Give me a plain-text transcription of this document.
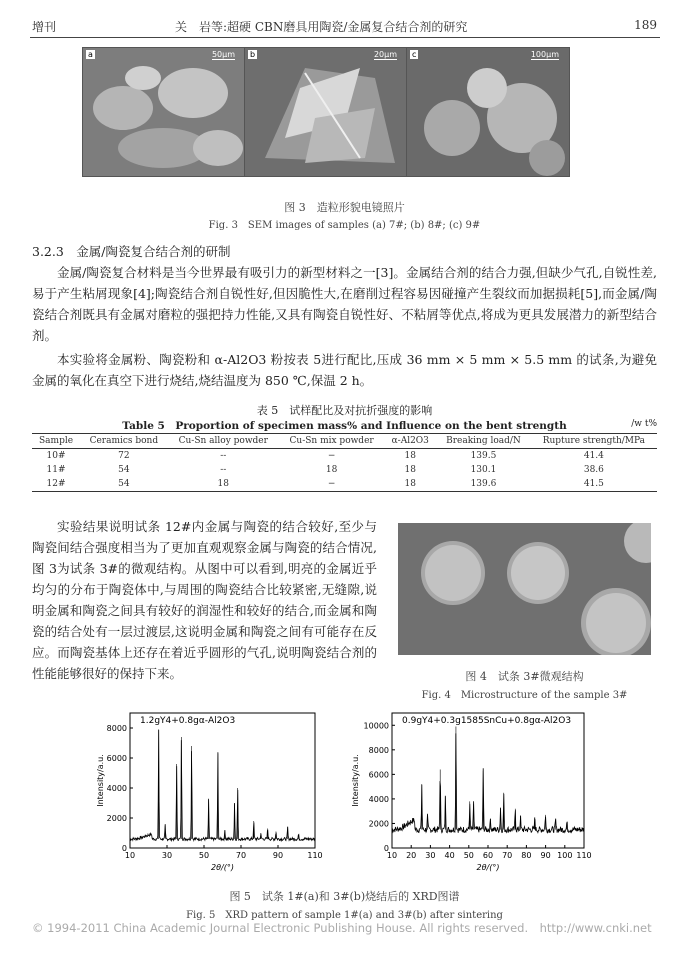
增刊	关　岩等:超硬 CBN磨具用陶瓷/金属复合结合剂的研究	189
a	50μm b	20μm c	100μm
图 3　造粒形貌电镜照片
Fig. 3　SEM images of samples (a) 7#; (b) 8#; (c) 9#
3.2.3　金属/陶瓷复合结合剂的研制
金属/陶瓷复合材料是当今世界最有吸引力的新型材料之一[3]。金属结合剂的结合力强,但缺少气孔,自锐性差,易于产生粘屑现象[4];陶瓷结合剂自锐性好,但因脆性大,在磨削过程容易因碰撞产生裂纹而加据损耗[5],而金属/陶瓷结合剂既具有金属对磨粒的强把持力性能,又具有陶瓷自锐性好、不粘屑等优点,将成为更具发展潜力的新型结合剂。
本实验将金属粉、陶瓷粉和 α-Al2O3 粉按表 5进行配比,压成 36 mm × 5 mm × 5.5 mm 的试条,为避免金属的氧化在真空下进行烧结,烧结温度为 850 ℃,保温 2 h。
表 5　试样配比及对抗折强度的影响
Table 5　Proportion of specimen mass% and Influence on the bent strength	/w t%
Sample	Ceramics bond	Cu-Sn alloy powder	Cu-Sn mix powder	α-Al2O3	Breaking load/N	Rupture strength/MPa
10#	72	--	−	18	139.5	41.4
11#	54	--	18	18	130.1	38.6
12#	54	18	−	18	139.6	41.5
实验结果说明试条 12#内金属与陶瓷的结合较好,至少与陶瓷间结合强度相当为了更加直观观察金属与陶瓷的结合情况,图 3为试条 3#的微观结构。从图中可以看到,明亮的金属近乎均匀的分布于陶瓷体中,与周围的陶瓷结合比较紧密,无缝隙,说明金属和陶瓷之间具有较好的润湿性和较好的结合,而金属和陶瓷的结合处有一层过渡层,这说明金属和陶瓷之间有可能存在反应。而陶瓷基体上还存在着近乎圆形的气孔,说明陶瓷结合剂的性能能够很好的保持下来。	图 4　试条 3#微观结构
Fig. 4　Microstructure of the sample 3#
0
2000
4000
6000
8000
10	30	50	70	90	110
1.2gY4+0.8gα-Al2O3
2θ/(°)
Intensity/a.u.
0
2000
4000
6000
8000
10000
10 20 30 40 50 60 70 80 90 100 110
0.9gY4+0.3g1585SnCu+0.8gα-Al2O3
2θ/(°)
Intensity/a.u.
图 5　试条 1#(a)和 3#(b)烧结后的 XRD图谱
Fig. 5　XRD pattern of sample 1#(a) and 3#(b) after sintering
© 1994-2011 China Academic Journal Electronic Publishing House. All rights reserved.　http://www.cnki.net
